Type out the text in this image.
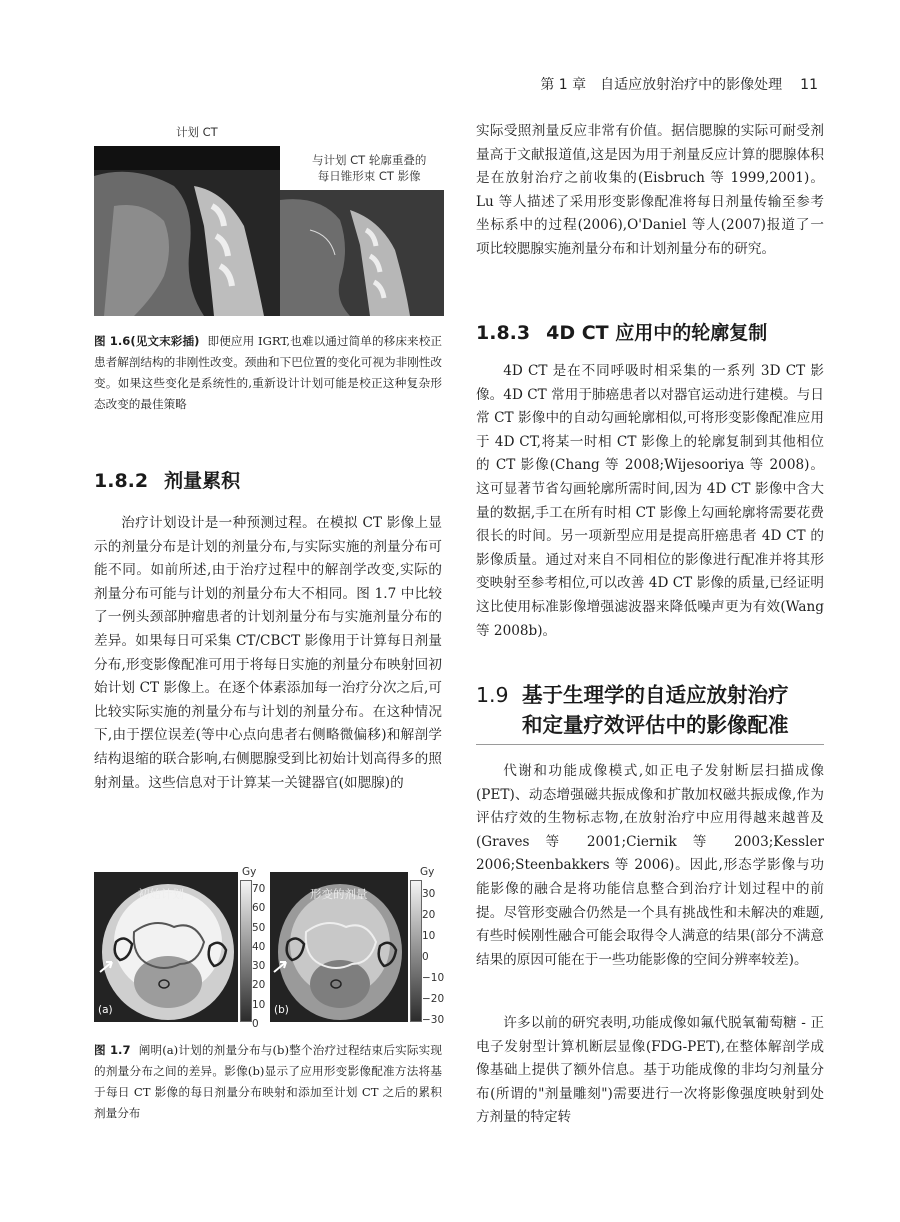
第 1 章　自适应放射治疗中的影像处理 11
计划 CT
与计划 CT 轮廓重叠的
每日锥形束 CT 影像

图 1.6(见文末彩插) 即便应用 IGRT,也难以通过简单的移床来校正患者解剖结构的非刚性改变。颈曲和下巴位置的变化可视为非刚性改变。如果这些变化是系统性的,重新设计计划可能是校正这种复杂形态改变的最佳策略

1.8.2 剂量累积

治疗计划设计是一种预测过程。在模拟 CT 影像上显示的剂量分布是计划的剂量分布,与实际实施的剂量分布可能不同。如前所述,由于治疗过程中的解剖学改变,实际的剂量分布可能与计划的剂量分布大不相同。图 1.7 中比较了一例头颈部肿瘤患者的计划剂量分布与实施剂量分布的差异。如果每日可采集 CT/CBCT 影像用于计算每日剂量分布,形变影像配准可用于将每日实施的剂量分布映射回初始计划 CT 影像上。在逐个体素添加每一治疗分次之后,可比较实际实施的剂量分布与计划的剂量分布。在这种情况下,由于摆位误差(等中心点向患者右侧略微偏移)和解剖学结构退缩的联合影响,右侧腮腺受到比初始计划高得多的照射剂量。这些信息对于计算某一关键器官(如腮腺)的

初始计划
(a)
Gy
70
60
50
40
30
20
10
0
形变的剂量
(b)
Gy
30
20
10
0
−10
−20
−30

图 1.7 阐明(a)计划的剂量分布与(b)整个治疗过程结束后实际实现的剂量分布之间的差异。影像(b)显示了应用形变影像配准方法将基于每日 CT 影像的每日剂量分布映射和添加至计划 CT 之后的累积剂量分布

实际受照剂量反应非常有价值。据信腮腺的实际可耐受剂量高于文献报道值,这是因为用于剂量反应计算的腮腺体积是在放射治疗之前收集的(Eisbruch 等 1999,2001)。Lu 等人描述了采用形变影像配准将每日剂量传输至参考坐标系中的过程(2006),O'Daniel 等人(2007)报道了一项比较腮腺实施剂量分布和计划剂量分布的研究。

1.8.3 4D CT 应用中的轮廓复制

4D CT 是在不同呼吸时相采集的一系列 3D CT 影像。4D CT 常用于肺癌患者以对器官运动进行建模。与日常 CT 影像中的自动勾画轮廓相似,可将形变影像配准应用于 4D CT,将某一时相 CT 影像上的轮廓复制到其他相位的 CT 影像(Chang 等 2008;Wijesooriya 等 2008)。这可显著节省勾画轮廓所需时间,因为 4D CT 影像中含大量的数据,手工在所有时相 CT 影像上勾画轮廓将需要花费很长的时间。另一项新型应用是提高肝癌患者 4D CT 的影像质量。通过对来自不同相位的影像进行配准并将其形变映射至参考相位,可以改善 4D CT 影像的质量,已经证明这比使用标准影像增强滤波器来降低噪声更为有效(Wang 等 2008b)。

1.9 基于生理学的自适应放射治疗
和定量疗效评估中的影像配准

代谢和功能成像模式,如正电子发射断层扫描成像(PET)、动态增强磁共振成像和扩散加权磁共振成像,作为评估疗效的生物标志物,在放射治疗中应用得越来越普及(Graves 等 2001;Ciernik 等 2003;Kessler 2006;Steenbakkers 等 2006)。因此,形态学影像与功能影像的融合是将功能信息整合到治疗计划过程中的前提。尽管形变融合仍然是一个具有挑战性和未解决的难题,有些时候刚性融合可能会取得令人满意的结果(部分不满意结果的原因可能在于一些功能影像的空间分辨率较差)。

许多以前的研究表明,功能成像如氟代脱氧葡萄糖 - 正电子发射型计算机断层显像(FDG-PET),在整体解剖学成像基础上提供了额外信息。基于功能成像的非均匀剂量分布(所谓的"剂量雕刻")需要进行一次将影像强度映射到处方剂量的特定转
